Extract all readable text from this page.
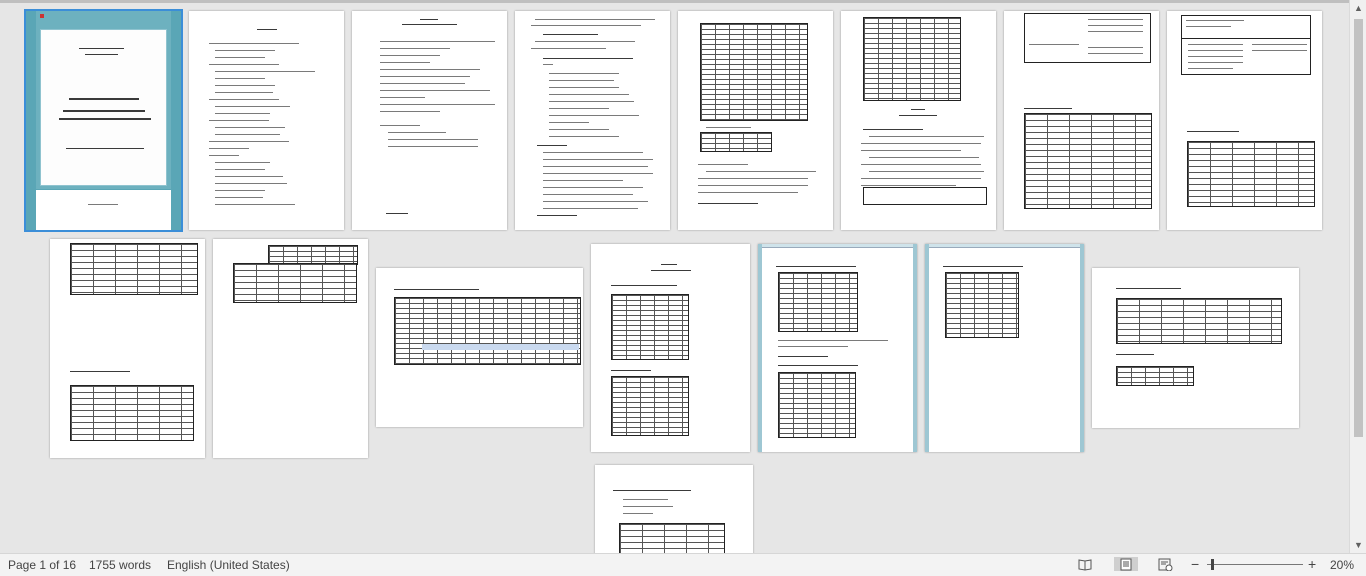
▲
▼
Page 1 of 16 1755 words English (United States)	−	+ 20%
